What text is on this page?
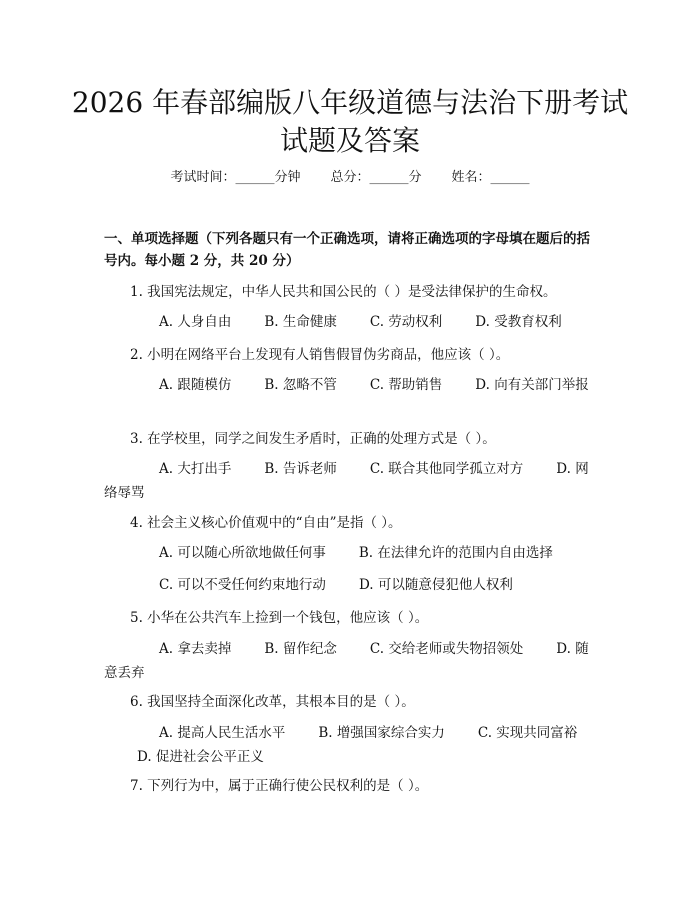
2026 年春部编版八年级道德与法治下册考试
试题及答案
考试时间：______分钟 总分：______分 姓名：______
一、单项选择题（下列各题只有一个正确选项，请将正确选项的字母填在题后的括号内。每小题 2 分，共 20 分）
1. 我国宪法规定，中华人民共和国公民的（ ）是受法律保护的生命权。
A. 人身自由 B. 生命健康 C. 劳动权利 D. 受教育权利
2. 小明在网络平台上发现有人销售假冒伪劣商品，他应该（ ）。
A. 跟随模仿 B. 忽略不管 C. 帮助销售 D. 向有关部门举报
3. 在学校里，同学之间发生矛盾时，正确的处理方式是（ ）。
A. 大打出手 B. 告诉老师 C. 联合其他同学孤立对方 D. 网络辱骂
4. 社会主义核心价值观中的“自由”是指（ ）。
A. 可以随心所欲地做任何事 B. 在法律允许的范围内自由选择
C. 可以不受任何约束地行动 D. 可以随意侵犯他人权利
5. 小华在公共汽车上捡到一个钱包，他应该（ ）。
A. 拿去卖掉 B. 留作纪念 C. 交给老师或失物招领处 D. 随意丢弃
6. 我国坚持全面深化改革，其根本目的是（ ）。
A. 提高人民生活水平 B. 增强国家综合实力 C. 实现共同富裕D. 促进社会公平正义
7. 下列行为中，属于正确行使公民权利的是（ ）。
